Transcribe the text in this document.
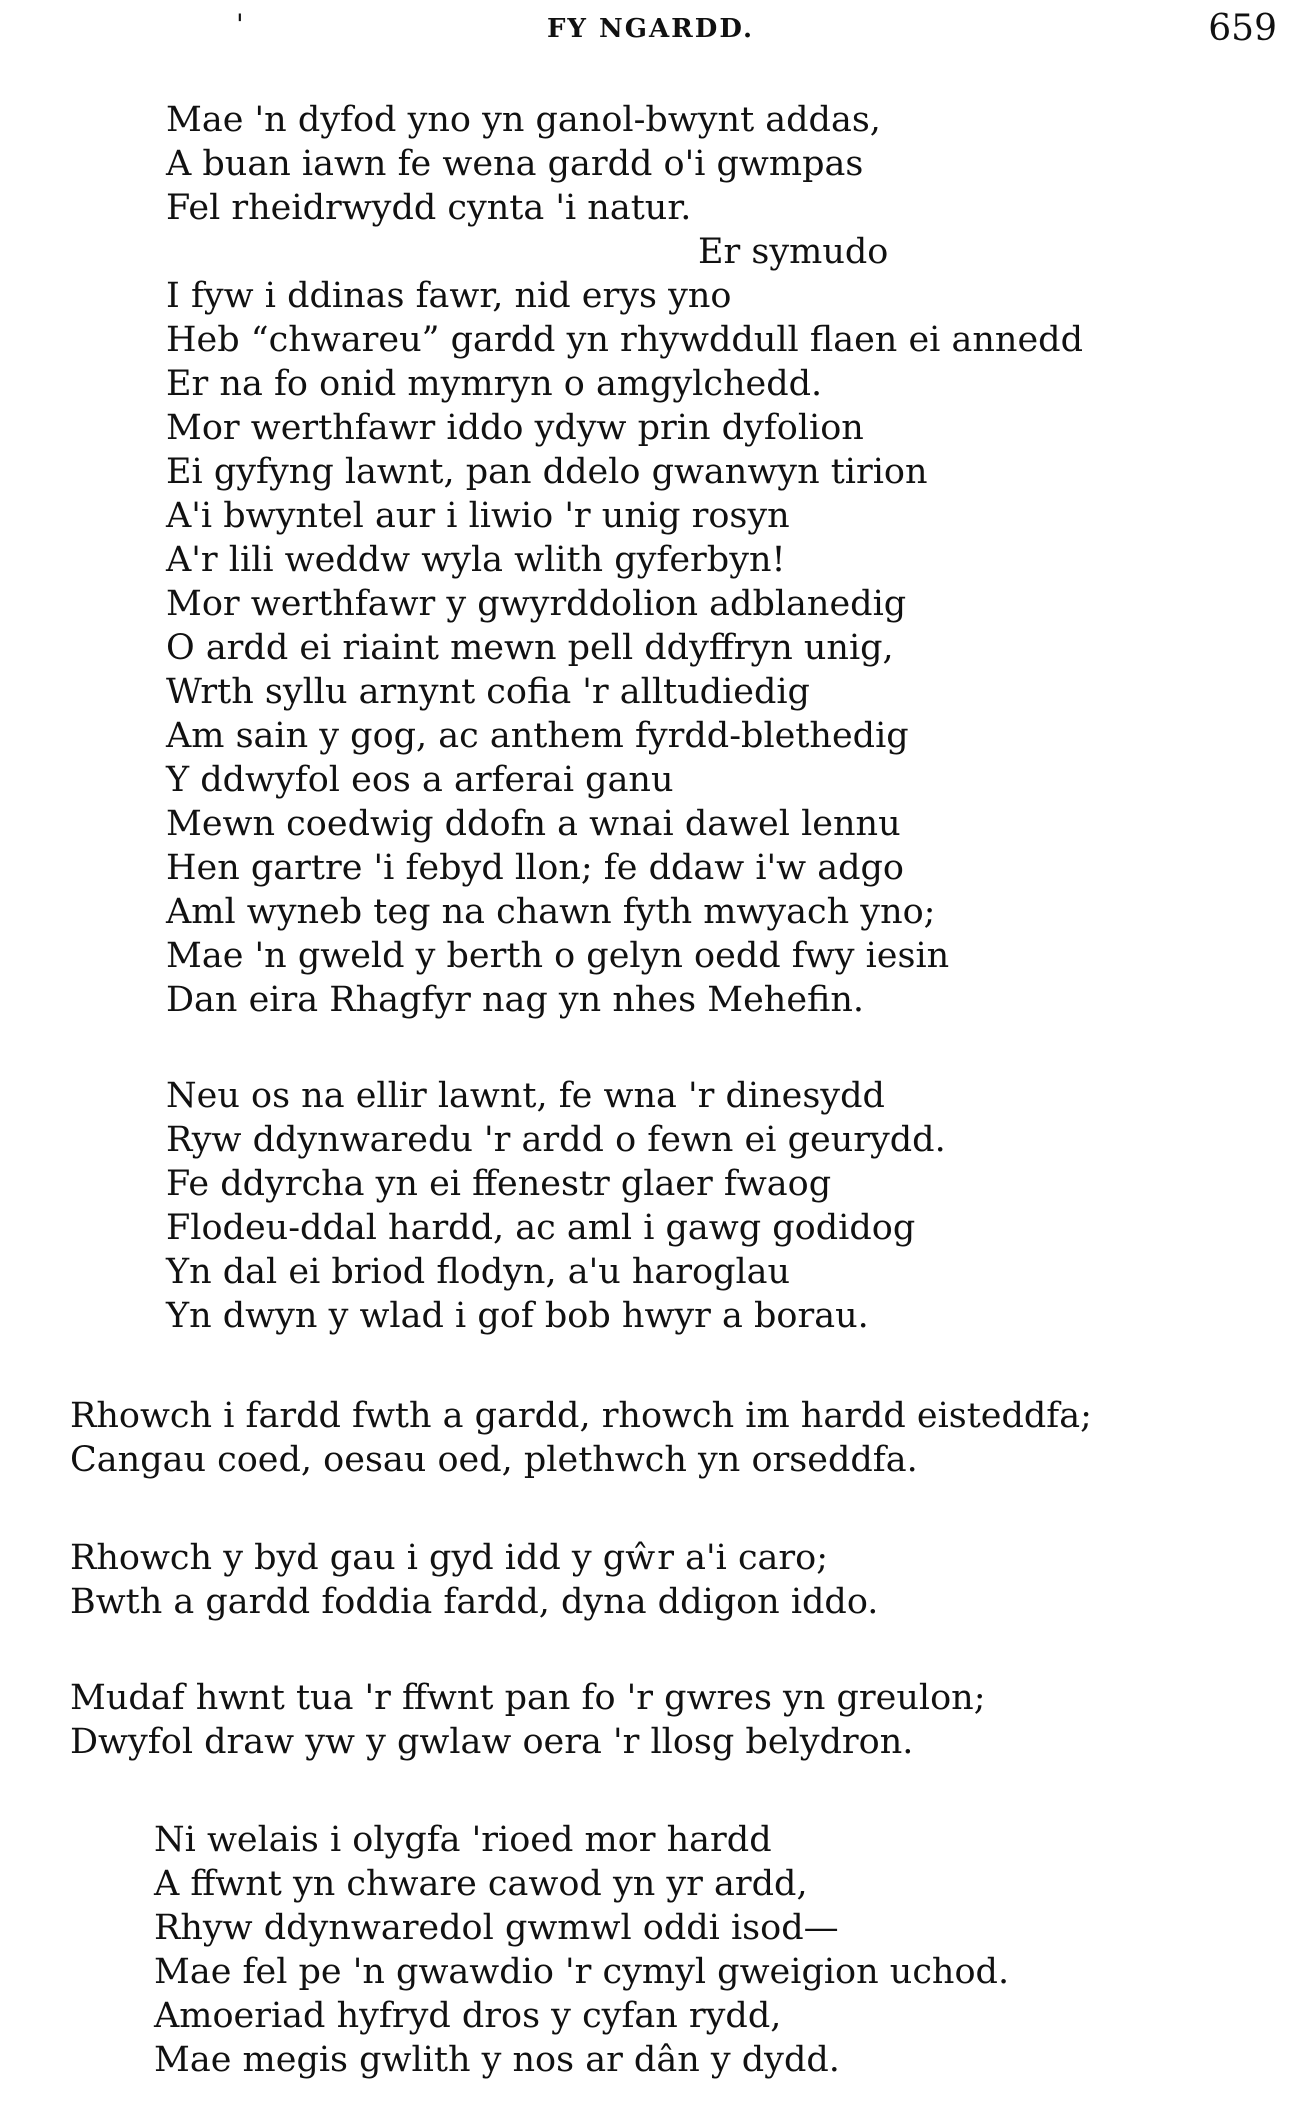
'	FY NGARDD.	659
Mae 'n dyfod yno yn ganol-bwynt addas,
A buan iawn fe wena gardd o'i gwmpas
Fel rheidrwydd cynta 'i natur.
Er symudo
I fyw i ddinas fawr, nid erys yno
Heb “chwareu” gardd yn rhywddull flaen ei annedd
Er na fo onid mymryn o amgylchedd.
Mor werthfawr iddo ydyw prin dyfolion
Ei gyfyng lawnt, pan ddelo gwanwyn tirion
A'i bwyntel aur i liwio 'r unig rosyn
A'r lili weddw wyla wlith gyferbyn!
Mor werthfawr y gwyrddolion adblanedig
O ardd ei riaint mewn pell ddyffryn unig,
Wrth syllu arnynt cofia 'r alltudiedig
Am sain y gog, ac anthem fyrdd-blethedig
Y ddwyfol eos a arferai ganu
Mewn coedwig ddofn a wnai dawel lennu
Hen gartre 'i febyd llon; fe ddaw i'w adgo
Aml wyneb teg na chawn fyth mwyach yno;
Mae 'n gweld y berth o gelyn oedd fwy iesin
Dan eira Rhagfyr nag yn nhes Mehefin.
Neu os na ellir lawnt, fe wna 'r dinesydd
Ryw ddynwaredu 'r ardd o fewn ei geurydd.
Fe ddyrcha yn ei ffenestr glaer fwaog
Flodeu-ddal hardd, ac aml i gawg godidog
Yn dal ei briod flodyn, a'u haroglau
Yn dwyn y wlad i gof bob hwyr a borau.
Rhowch i fardd fwth a gardd, rhowch im hardd eisteddfa;
Cangau coed, oesau oed, plethwch yn orseddfa.
Rhowch y byd gau i gyd idd y gŵr a'i caro;
Bwth a gardd foddia fardd, dyna ddigon iddo.
Mudaf hwnt tua 'r ffwnt pan fo 'r gwres yn greulon;
Dwyfol draw yw y gwlaw oera 'r llosg belydron.
Ni welais i olygfa 'rioed mor hardd
A ffwnt yn chware cawod yn yr ardd,
Rhyw ddynwaredol gwmwl oddi isod—
Mae fel pe 'n gwawdio 'r cymyl gweigion uchod.
Amoeriad hyfryd dros y cyfan rydd,
Mae megis gwlith y nos ar dân y dydd.
